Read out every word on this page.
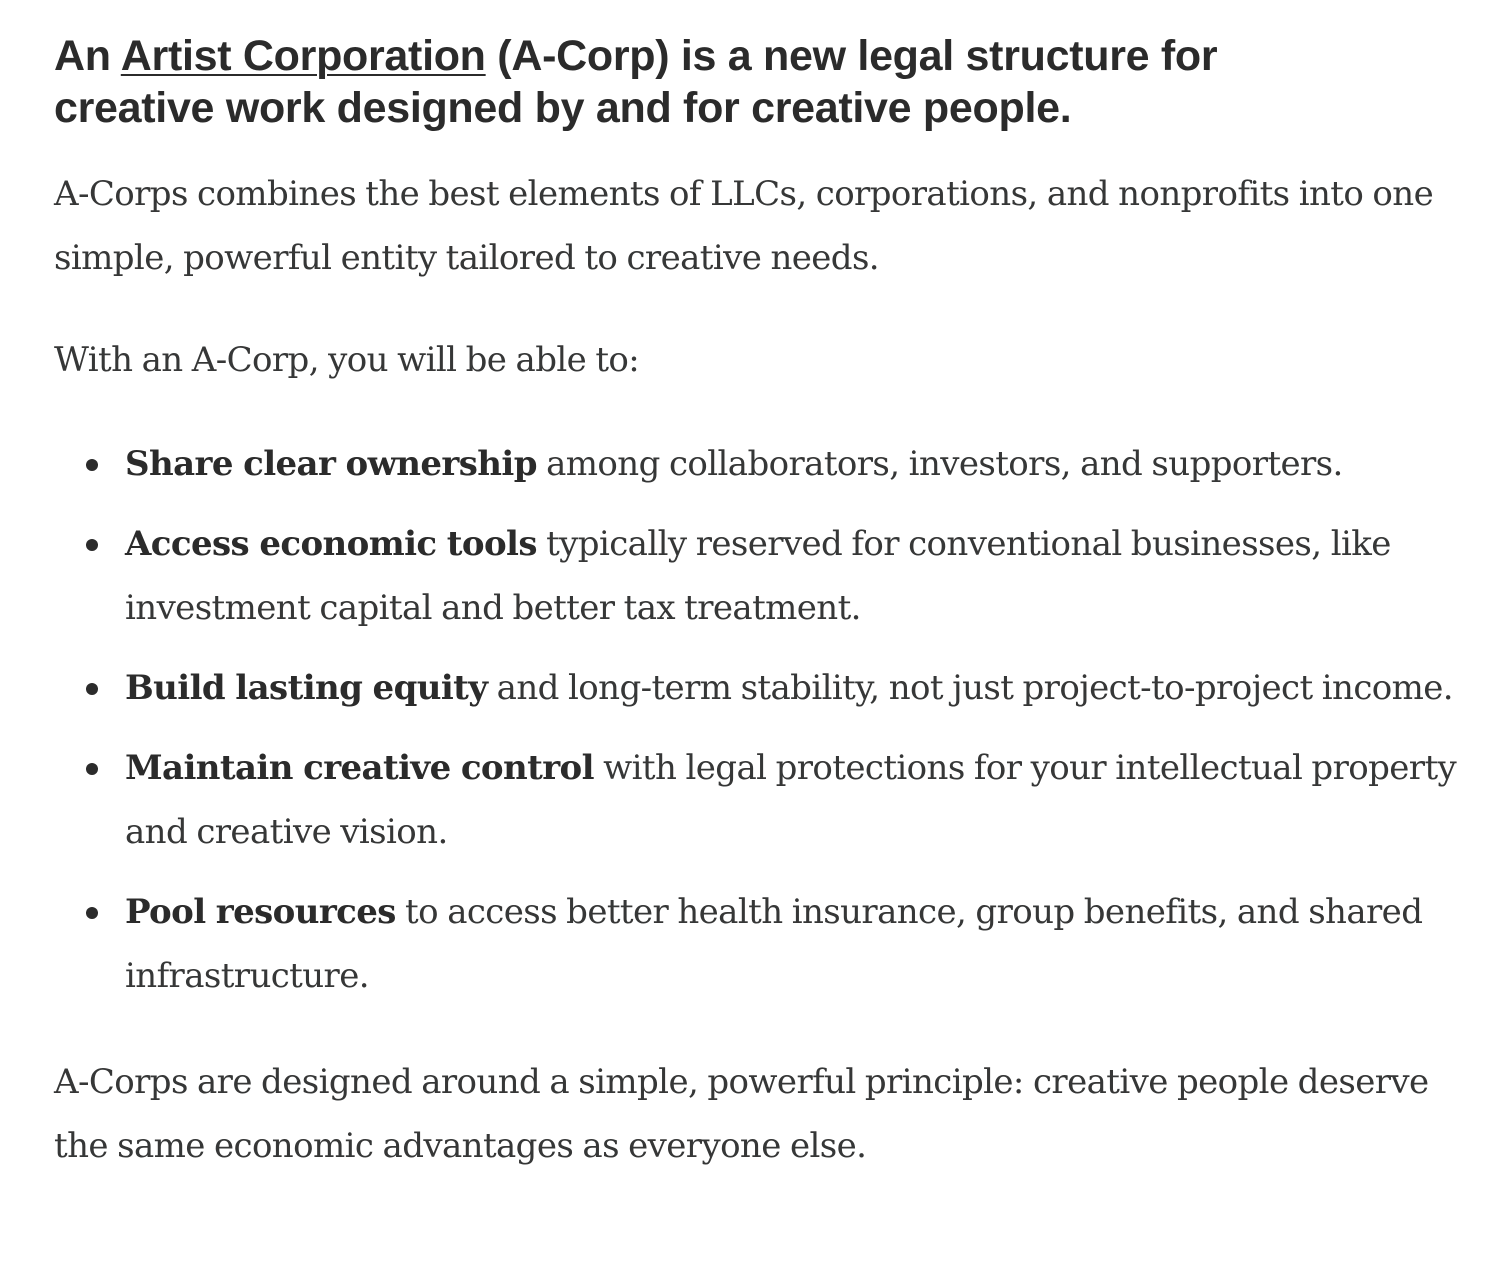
An Artist Corporation (A-Corp) is a new legal structure for creative work designed by and for creative people.

A-Corps combines the best elements of LLCs, corporations, and nonprofits into one simple, powerful entity tailored to creative needs.

With an A-Corp, you will be able to:

Share clear ownership among collaborators, investors, and supporters.
Access economic tools typically reserved for conventional businesses, like investment capital and better tax treatment.
Build lasting equity and long-term stability, not just project-to-project income.
Maintain creative control with legal protections for your intellectual property and creative vision.
Pool resources to access better health insurance, group benefits, and shared infrastructure.

A-Corps are designed around a simple, powerful principle: creative people deserve the same economic advantages as everyone else.
